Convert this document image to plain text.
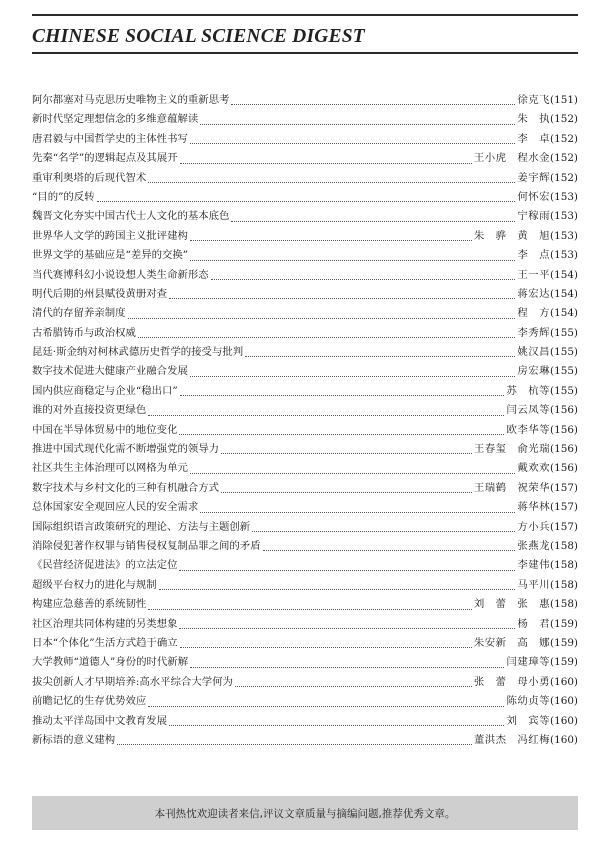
CHINESE SOCIAL SCIENCE DIGEST
阿尔都塞对马克思历史唯物主义的重新思考	徐克飞 (151)
新时代坚定理想信念的多维意蕴解读	朱　执 (152)
唐君毅与中国哲学史的主体性书写	李　卓 (152)
先秦“名学”的逻辑起点及其展开	王小虎　程水金 (152)
重审利奥塔的后现代智术	姜宇辉 (152)
“目的”的反转	何怀宏 (153)
魏晋文化夯实中国古代士人文化的基本底色	宁稼雨 (153)
世界华人文学的跨国主义批评建构	朱　骅　黄　旭 (153)
世界文学的基础应是“差异的交换”	李　点 (153)
当代赛博科幻小说设想人类生命新形态	王一平 (154)
明代后期的州县赋役黄册对查	蒋宏达 (154)
清代的存留养亲制度	程　方 (154)
古希腊铸币与政治权威	李秀辉 (155)
昆廷·斯金纳对柯林武德历史哲学的接受与批判	姚汉昌 (155)
数字技术促进大健康产业融合发展	房宏琳 (155)
国内供应商稳定与企业“稳出口”	苏　杭等 (155)
谁的对外直接投资更绿色	闫云凤等 (156)
中国在半导体贸易中的地位变化	欧李华等 (156)
推进中国式现代化需不断增强党的领导力	王春玺　俞光瑞 (156)
社区共生主体治理可以网格为单元	戴欢欢 (156)
数字技术与乡村文化的三种有机融合方式	王瑞鹤　祝荣华 (157)
总体国家安全观回应人民的安全需求	蒋华林 (157)
国际组织语言政策研究的理论、方法与主题创新	方小兵 (157)
消除侵犯著作权罪与销售侵权复制品罪之间的矛盾	张燕龙 (158)
《民营经济促进法》的立法定位	李建伟 (158)
超级平台权力的进化与规制	马平川 (158)
构建应急慈善的系统韧性	刘　蕾　张　惠 (158)
社区治理共同体构建的另类想象	杨　君 (159)
日本“个体化”生活方式趋于确立	朱安新　高　娜 (159)
大学教师“道德人”身份的时代新解	闫建璋等 (159)
拔尖创新人才早期培养:高水平综合大学何为	张　蕾　母小勇 (160)
前瞻记忆的生存优势效应	陈幼贞等 (160)
推动太平洋岛国中文教育发展	刘　宾等 (160)
新标语的意义建构	董洪杰　冯红梅 (160)
本刊热忱欢迎读者来信,评议文章质量与摘编问题,推荐优秀文章。
